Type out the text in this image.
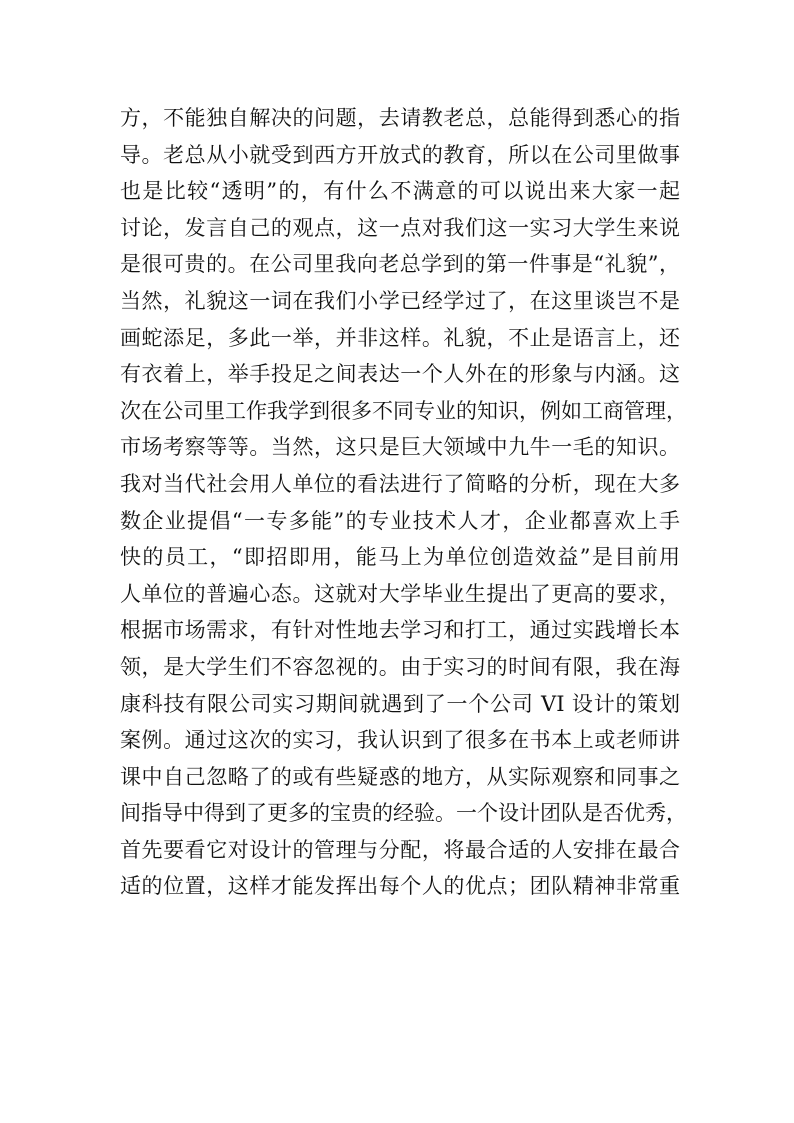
方，不能独自解决的问题，去请教老总，总能得到悉心的指
导。老总从小就受到西方开放式的教育，所以在公司里做事
也是比较“透明”的，有什么不满意的可以说出来大家一起
讨论，发言自己的观点，这一点对我们这一实习大学生来说
是很可贵的。在公司里我向老总学到的第一件事是“礼貌”，
当然，礼貌这一词在我们小学已经学过了，在这里谈岂不是
画蛇添足，多此一举，并非这样。礼貌，不止是语言上，还
有衣着上，举手投足之间表达一个人外在的形象与内涵。这
次在公司里工作我学到很多不同专业的知识，例如工商管理，
市场考察等等。当然，这只是巨大领域中九牛一毛的知识。
我对当代社会用人单位的看法进行了简略的分析，现在大多
数企业提倡“一专多能”的专业技术人才，企业都喜欢上手
快的员工，“即招即用，能马上为单位创造效益”是目前用
人单位的普遍心态。这就对大学毕业生提出了更高的要求，
根据市场需求，有针对性地去学习和打工，通过实践增长本
领，是大学生们不容忽视的。由于实习的时间有限，我在海
康科技有限公司实习期间就遇到了一个公司 VI 设计的策划
案例。通过这次的实习，我认识到了很多在书本上或老师讲
课中自己忽略了的或有些疑惑的地方，从实际观察和同事之
间指导中得到了更多的宝贵的经验。一个设计团队是否优秀，
首先要看它对设计的管理与分配，将最合适的人安排在最合
适的位置，这样才能发挥出每个人的优点；团队精神非常重
